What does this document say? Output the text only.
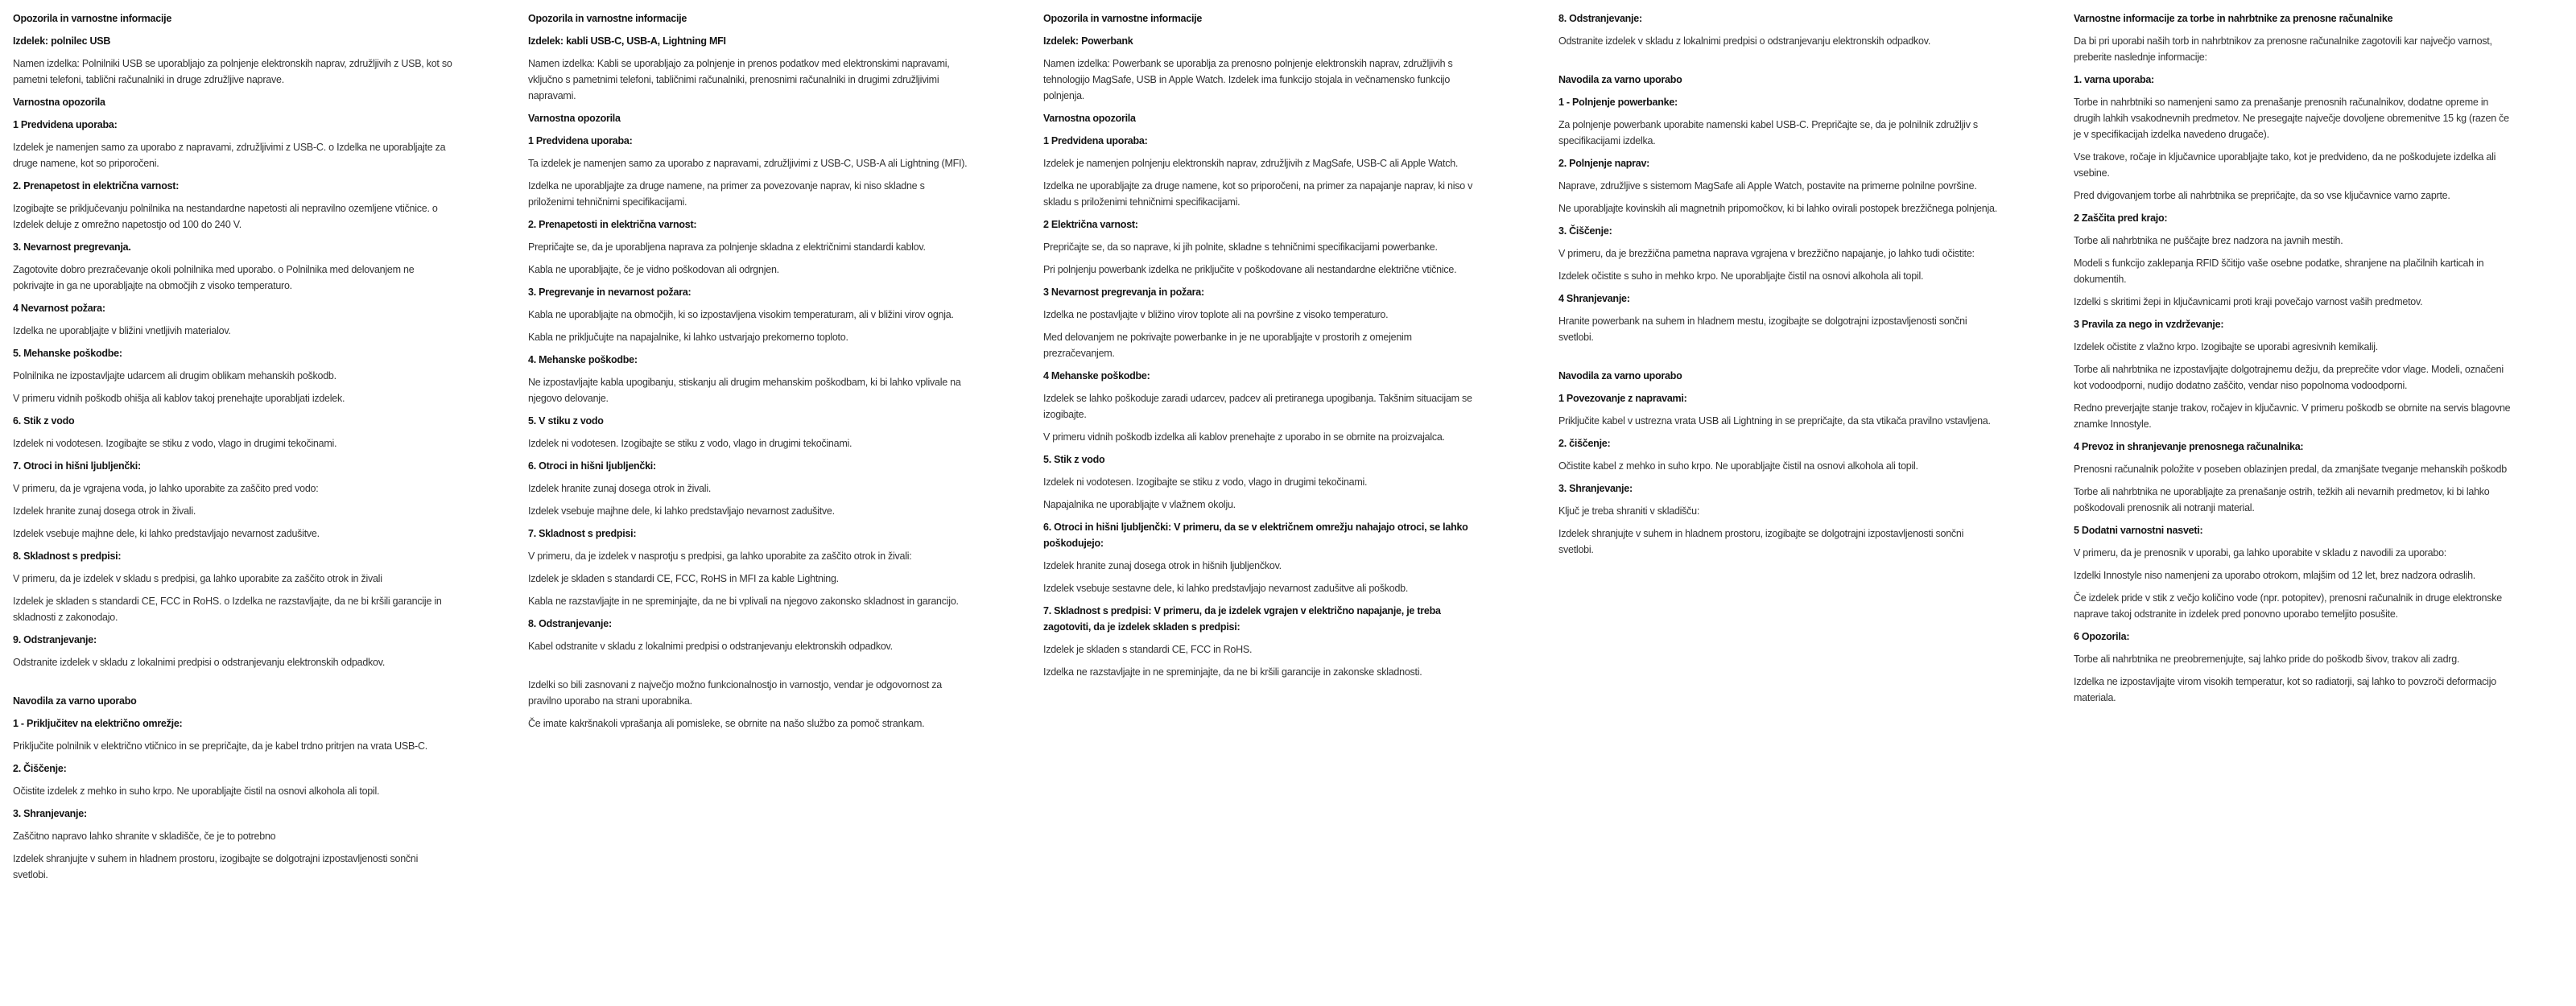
Opozorila in varnostne informacije

Izdelek: polnilec USB

Namen izdelka: Polnilniki USB se uporabljajo za polnjenje elektronskih naprav, združljivih z USB, kot so pametni telefoni, tablični računalniki in druge združljive naprave.

Varnostna opozorila

1 Predvidena uporaba:

Izdelek je namenjen samo za uporabo z napravami, združljivimi z USB-C. o Izdelka ne uporabljajte za druge namene, kot so priporočeni.

2. Prenapetost in električna varnost:

Izogibajte se priključevanju polnilnika na nestandardne napetosti ali nepravilno ozemljene vtičnice. o Izdelek deluje z omrežno napetostjo od 100 do 240 V.

3. Nevarnost pregrevanja.

Zagotovite dobro prezračevanje okoli polnilnika med uporabo. o Polnilnika med delovanjem ne pokrivajte in ga ne uporabljajte na območjih z visoko temperaturo.

4 Nevarnost požara:

Izdelka ne uporabljajte v bližini vnetljivih materialov.

5. Mehanske poškodbe:

Polnilnika ne izpostavljajte udarcem ali drugim oblikam mehanskih poškodb.

V primeru vidnih poškodb ohišja ali kablov takoj prenehajte uporabljati izdelek.

6. Stik z vodo

Izdelek ni vodotesen. Izogibajte se stiku z vodo, vlago in drugimi tekočinami.

7. Otroci in hišni ljubljenčki:

V primeru, da je vgrajena voda, jo lahko uporabite za zaščito pred vodo:

Izdelek hranite zunaj dosega otrok in živali.

Izdelek vsebuje majhne dele, ki lahko predstavljajo nevarnost zadušitve.

8. Skladnost s predpisi:

V primeru, da je izdelek v skladu s predpisi, ga lahko uporabite za zaščito otrok in živali

Izdelek je skladen s standardi CE, FCC in RoHS. o Izdelka ne razstavljajte, da ne bi kršili garancije in skladnosti z zakonodajo.

9. Odstranjevanje:

Odstranite izdelek v skladu z lokalnimi predpisi o odstranjevanju elektronskih odpadkov.

Navodila za varno uporabo

1 - Priključitev na električno omrežje:

Priključite polnilnik v električno vtičnico in se prepričajte, da je kabel trdno pritrjen na vrata USB-C.

2. Čiščenje:

Očistite izdelek z mehko in suho krpo. Ne uporabljajte čistil na osnovi alkohola ali topil.

3. Shranjevanje:

Zaščitno napravo lahko shranite v skladišče, če je to potrebno

Izdelek shranjujte v suhem in hladnem prostoru, izogibajte se dolgotrajni izpostavljenosti sončni svetlobi.

Opozorila in varnostne informacije

Izdelek: kabli USB-C, USB-A, Lightning MFI

Namen izdelka: Kabli se uporabljajo za polnjenje in prenos podatkov med elektronskimi napravami, vključno s pametnimi telefoni, tabličnimi računalniki, prenosnimi računalniki in drugimi združljivimi napravami.

Varnostna opozorila

1 Predvidena uporaba:

Ta izdelek je namenjen samo za uporabo z napravami, združljivimi z USB-C, USB-A ali Lightning (MFI).

Izdelka ne uporabljajte za druge namene, na primer za povezovanje naprav, ki niso skladne s priloženimi tehničnimi specifikacijami.

2. Prenapetosti in električna varnost:

Prepričajte se, da je uporabljena naprava za polnjenje skladna z električnimi standardi kablov.

Kabla ne uporabljajte, če je vidno poškodovan ali odrgnjen.

3. Pregrevanje in nevarnost požara:

Kabla ne uporabljajte na območjih, ki so izpostavljena visokim temperaturam, ali v bližini virov ognja.

Kabla ne priključujte na napajalnike, ki lahko ustvarjajo prekomerno toploto.

4. Mehanske poškodbe:

Ne izpostavljajte kabla upogibanju, stiskanju ali drugim mehanskim poškodbam, ki bi lahko vplivale na njegovo delovanje.

5. V stiku z vodo

Izdelek ni vodotesen. Izogibajte se stiku z vodo, vlago in drugimi tekočinami.

6. Otroci in hišni ljubljenčki:

Izdelek hranite zunaj dosega otrok in živali.

Izdelek vsebuje majhne dele, ki lahko predstavljajo nevarnost zadušitve.

7. Skladnost s predpisi:

V primeru, da je izdelek v nasprotju s predpisi, ga lahko uporabite za zaščito otrok in živali:

Izdelek je skladen s standardi CE, FCC, RoHS in MFI za kable Lightning.

Kabla ne razstavljajte in ne spreminjajte, da ne bi vplivali na njegovo zakonsko skladnost in garancijo.

8. Odstranjevanje:

Kabel odstranite v skladu z lokalnimi predpisi o odstranjevanju elektronskih odpadkov.

Izdelki so bili zasnovani z največjo možno funkcionalnostjo in varnostjo, vendar je odgovornost za pravilno uporabo na strani uporabnika.

Če imate kakršnakoli vprašanja ali pomisleke, se obrnite na našo službo za pomoč strankam.

Opozorila in varnostne informacije

Izdelek: Powerbank

Namen izdelka: Powerbank se uporablja za prenosno polnjenje elektronskih naprav, združljivih s tehnologijo MagSafe, USB in Apple Watch. Izdelek ima funkcijo stojala in večnamensko funkcijo polnjenja.

Varnostna opozorila

1 Predvidena uporaba:

Izdelek je namenjen polnjenju elektronskih naprav, združljivih z MagSafe, USB-C ali Apple Watch.

Izdelka ne uporabljajte za druge namene, kot so priporočeni, na primer za napajanje naprav, ki niso v skladu s priloženimi tehničnimi specifikacijami.

2 Električna varnost:

Prepričajte se, da so naprave, ki jih polnite, skladne s tehničnimi specifikacijami powerbanke.

Pri polnjenju powerbank izdelka ne priključite v poškodovane ali nestandardne električne vtičnice.

3 Nevarnost pregrevanja in požara:

Izdelka ne postavljajte v bližino virov toplote ali na površine z visoko temperaturo.

Med delovanjem ne pokrivajte powerbanke in je ne uporabljajte v prostorih z omejenim prezračevanjem.

4 Mehanske poškodbe:

Izdelek se lahko poškoduje zaradi udarcev, padcev ali pretiranega upogibanja. Takšnim situacijam se izogibajte.

V primeru vidnih poškodb izdelka ali kablov prenehajte z uporabo in se obrnite na proizvajalca.

5. Stik z vodo

Izdelek ni vodotesen. Izogibajte se stiku z vodo, vlago in drugimi tekočinami.

Napajalnika ne uporabljajte v vlažnem okolju.

6. Otroci in hišni ljubljenčki: V primeru, da se v električnem omrežju nahajajo otroci, se lahko poškodujejo:

Izdelek hranite zunaj dosega otrok in hišnih ljubljenčkov.

Izdelek vsebuje sestavne dele, ki lahko predstavljajo nevarnost zadušitve ali poškodb.

7. Skladnost s predpisi: V primeru, da je izdelek vgrajen v električno napajanje, je treba zagotoviti, da je izdelek skladen s predpisi:

Izdelek je skladen s standardi CE, FCC in RoHS.

Izdelka ne razstavljajte in ne spreminjajte, da ne bi kršili garancije in zakonske skladnosti.

8. Odstranjevanje:

Odstranite izdelek v skladu z lokalnimi predpisi o odstranjevanju elektronskih odpadkov.

Navodila za varno uporabo

1 - Polnjenje powerbanke:

Za polnjenje powerbank uporabite namenski kabel USB-C. Prepričajte se, da je polnilnik združljiv s specifikacijami izdelka.

2. Polnjenje naprav:

Naprave, združljive s sistemom MagSafe ali Apple Watch, postavite na primerne polnilne površine.

Ne uporabljajte kovinskih ali magnetnih pripomočkov, ki bi lahko ovirali postopek brezžičnega polnjenja.

3. Čiščenje:

V primeru, da je brezžična pametna naprava vgrajena v brezžično napajanje, jo lahko tudi očistite:

Izdelek očistite s suho in mehko krpo. Ne uporabljajte čistil na osnovi alkohola ali topil.

4 Shranjevanje:

Hranite powerbank na suhem in hladnem mestu, izogibajte se dolgotrajni izpostavljenosti sončni svetlobi.

Navodila za varno uporabo

1 Povezovanje z napravami:

Priključite kabel v ustrezna vrata USB ali Lightning in se prepričajte, da sta vtikača pravilno vstavljena.

2. čiščenje:

Očistite kabel z mehko in suho krpo. Ne uporabljajte čistil na osnovi alkohola ali topil.

3. Shranjevanje:

Ključ je treba shraniti v skladišču:

Izdelek shranjujte v suhem in hladnem prostoru, izogibajte se dolgotrajni izpostavljenosti sončni svetlobi.

Varnostne informacije za torbe in nahrbtnike za prenosne računalnike

Da bi pri uporabi naših torb in nahrbtnikov za prenosne računalnike zagotovili kar največjo varnost, preberite naslednje informacije:

1. varna uporaba:

Torbe in nahrbtniki so namenjeni samo za prenašanje prenosnih računalnikov, dodatne opreme in drugih lahkih vsakodnevnih predmetov. Ne presegajte največje dovoljene obremenitve 15 kg (razen če je v specifikacijah izdelka navedeno drugače).

Vse trakove, ročaje in ključavnice uporabljajte tako, kot je predvideno, da ne poškodujete izdelka ali vsebine.

Pred dvigovanjem torbe ali nahrbtnika se prepričajte, da so vse ključavnice varno zaprte.

2 Zaščita pred krajo:

Torbe ali nahrbtnika ne puščajte brez nadzora na javnih mestih.

Modeli s funkcijo zaklepanja RFID ščitijo vaše osebne podatke, shranjene na plačilnih karticah in dokumentih.

Izdelki s skritimi žepi in ključavnicami proti kraji povečajo varnost vaših predmetov.

3 Pravila za nego in vzdrževanje:

Izdelek očistite z vlažno krpo. Izogibajte se uporabi agresivnih kemikalij.

Torbe ali nahrbtnika ne izpostavljajte dolgotrajnemu dežju, da preprečite vdor vlage. Modeli, označeni kot vodoodporni, nudijo dodatno zaščito, vendar niso popolnoma vodoodporni.

Redno preverjajte stanje trakov, ročajev in ključavnic. V primeru poškodb se obrnite na servis blagovne znamke Innostyle.

4 Prevoz in shranjevanje prenosnega računalnika:

Prenosni računalnik položite v poseben oblazinjen predal, da zmanjšate tveganje mehanskih poškodb

Torbe ali nahrbtnika ne uporabljajte za prenašanje ostrih, težkih ali nevarnih predmetov, ki bi lahko poškodovali prenosnik ali notranji material.

5 Dodatni varnostni nasveti:

V primeru, da je prenosnik v uporabi, ga lahko uporabite v skladu z navodili za uporabo:

Izdelki Innostyle niso namenjeni za uporabo otrokom, mlajšim od 12 let, brez nadzora odraslih.

Če izdelek pride v stik z večjo količino vode (npr. potopitev), prenosni računalnik in druge elektronske naprave takoj odstranite in izdelek pred ponovno uporabo temeljito posušite.

6 Opozorila:

Torbe ali nahrbtnika ne preobremenjujte, saj lahko pride do poškodb šivov, trakov ali zadrg.

Izdelka ne izpostavljajte virom visokih temperatur, kot so radiatorji, saj lahko to povzroči deformacijo materiala.
